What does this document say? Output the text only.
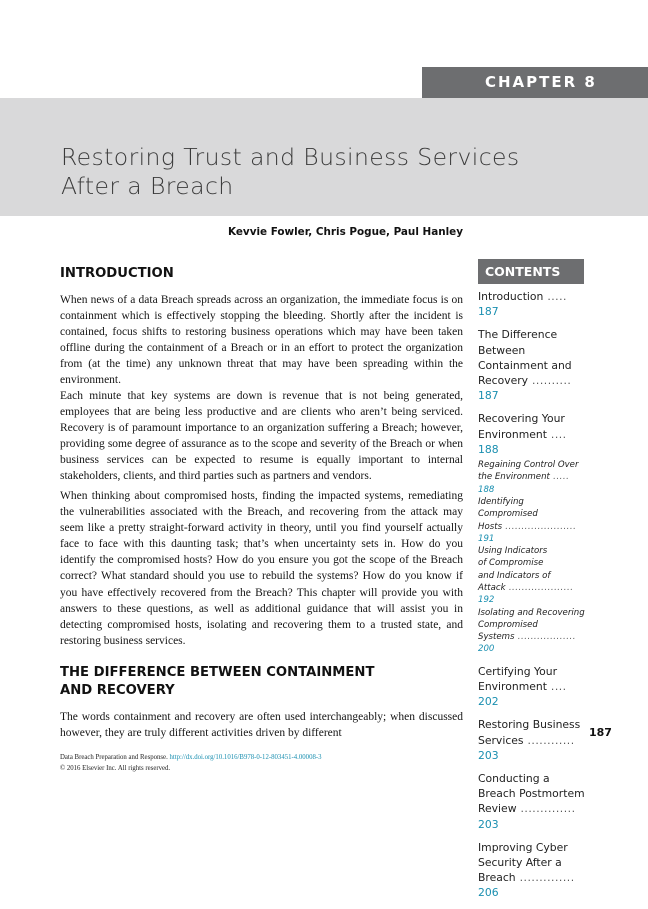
CHAPTER 8
Restoring Trust and Business Services
After a Breach
Kevvie Fowler, Chris Pogue, Paul Hanley
INTRODUCTION

When news of a data Breach spreads across an organization, the immediate focus is on containment which is effectively stopping the bleeding. Shortly after the incident is contained, focus shifts to restoring business operations which may have been taken offline during the containment of a Breach or in an effort to protect the organization from (at the time) any unknown threat that may have been spreading within the environment.

Each minute that key systems are down is revenue that is not being generated, employees that are being less productive and are clients who aren’t being serviced. Recovery is of paramount importance to an organization suffering a Breach; however, providing some degree of assurance as to the scope and severity of the Breach or when business services can be expected to resume is equally important to internal stakeholders, clients, and third parties such as partners and vendors.

When thinking about compromised hosts, finding the impacted systems, remediating the vulnerabilities associated with the Breach, and recovering from the attack may seem like a pretty straight-forward activity in theory, until you find yourself actually face to face with this daunting task; that’s when uncertainty sets in. How do you identify the compromised hosts? How do you ensure you got the scope of the Breach correct? What standard should you use to rebuild the systems? How do you know if you have effectively recovered from the Breach? This chapter will provide you with answers to these questions, as well as additional guidance that will assist you in detecting compromised hosts, isolating and recovering them to a trusted state, and restoring business services.

THE DIFFERENCE BETWEEN CONTAINMENT
AND RECOVERY

The words containment and recovery are often used interchangeably; when discussed however, they are truly different activities driven by different

CONTENTS
Introduction ..... 187
The Difference
Between
Containment and
Recovery .......... 187
Recovering Your
Environment .... 188
Regaining Control Over
the Environment ..... 188
Identifying Compromised
Hosts ...................... 191
Using Indicators
of Compromise
and Indicators of
Attack .................... 192
Isolating and Recovering
Compromised
Systems .................. 200
Certifying Your
Environment .... 202
Restoring Business
Services ............ 203
Conducting a
Breach Postmortem
Review .............. 203
Improving Cyber
Security After a
Breach .............. 206
187
Data Breach Preparation and Response. http://dx.doi.org/10.1016/B978-0-12-803451-4.00008-3
© 2016 Elsevier Inc. All rights reserved.
